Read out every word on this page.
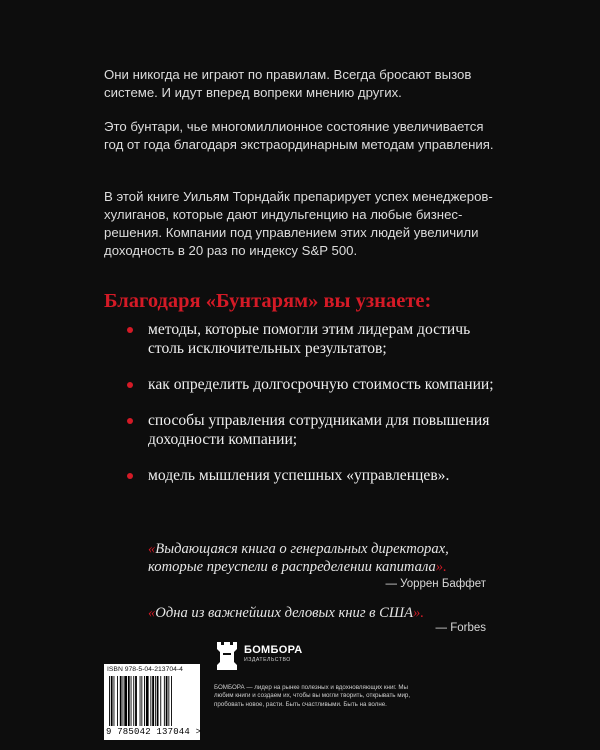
Они никогда не играют по правилам. Всегда бросают вызов системе. И идут вперед вопреки мнению других.

Это бунтари, чье многомиллионное состояние увеличивается год от года благодаря экстраординарным методам управления.

В этой книге Уильям Торндайк препарирует успех менеджеров-хулиганов, которые дают индульгенцию на любые бизнес-решения. Компании под управлением этих людей увеличили доходность в 20 раз по индексу S&P 500.

Благодаря «Бунтарям» вы узнаете:
методы, которые помогли этим лидерам достичь столь исключительных результатов;
как определить долгосрочную стоимость компании;
способы управления сотрудниками для повышения доходности компании;
модель мышления успешных «управленцев».
«Выдающаяся книга о генеральных директорах, которые преуспели в распределении капитала».
— Уоррен Баффет
«Одна из важнейших деловых книг в США».
— Forbes
ISBN 978-5-04-213704-4
9 785042 137044 >
БОМБОРА
ИЗДАТЕЛЬСТВО
БОМБОРА — лидер на рынке полезных и вдохновляющих книг. Мы любим книги и создаем их, чтобы вы могли творить, открывать мир, пробовать новое, расти. Быть счастливыми. Быть на волне.
